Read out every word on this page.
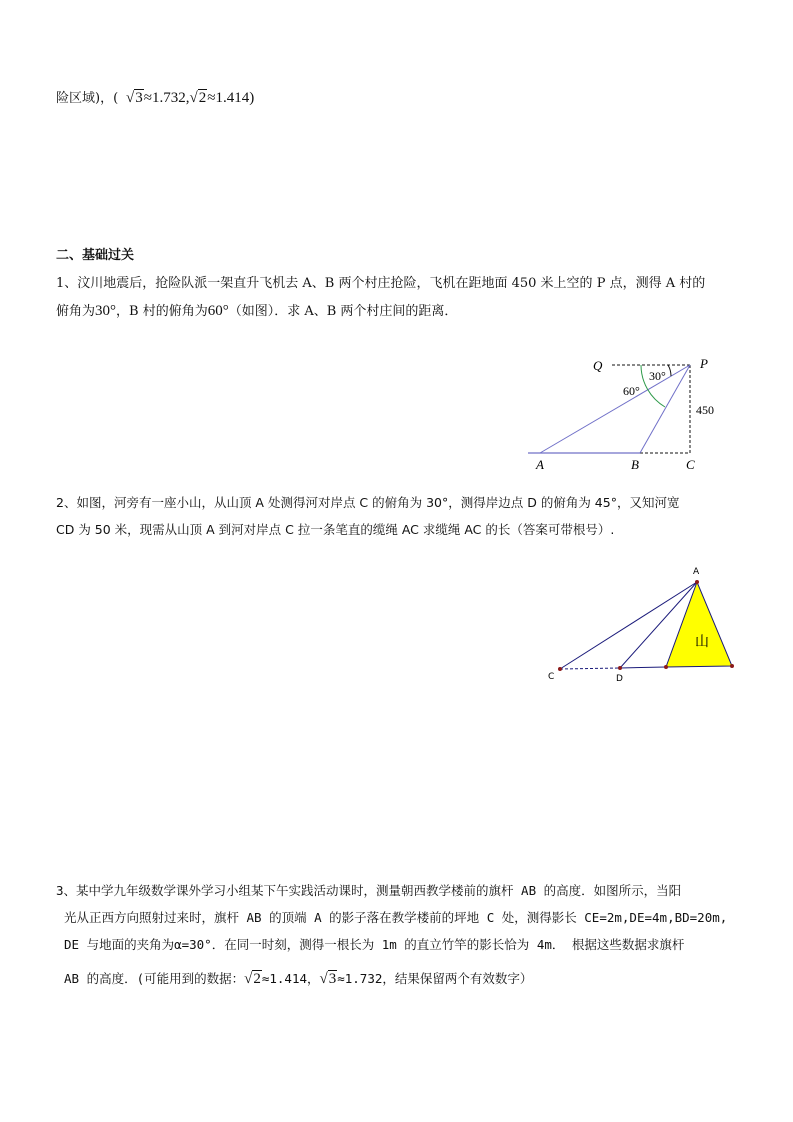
险区域)，(  √3≈1.732,√2≈1.414)
二、基础过关
1、汶川地震后，抢险队派一架直升飞机去 A、B 两个村庄抢险，飞机在距地面 450 米上空的 P 点，测得 A 村的
俯角为30°，B 村的俯角为60°（如图）．求 A、B 两个村庄间的距离．
Q	P
30°
60°
450
A	B	C
2、如图，河旁有一座小山，从山顶 A 处测得河对岸点 C 的俯角为 30°，测得岸边点 D 的俯角为 45°，又知河宽
CD 为 50 米，现需从山顶 A 到河对岸点 C 拉一条笔直的缆绳 AC 求缆绳 AC 的长（答案可带根号）.
山
A
C	D
3、某中学九年级数学课外学习小组某下午实践活动课时，测量朝西教学楼前的旗杆 AB 的高度．如图所示，当阳
光从正西方向照射过来时，旗杆 AB 的顶端 A 的影子落在教学楼前的坪地 C 处，测得影长 CE=2m,DE=4m,BD=20m,
DE 与地面的夹角为α=30°．在同一时刻，测得一根长为 1m 的直立竹竿的影长恰为 4m． 根据这些数据求旗杆
AB 的高度．(可能用到的数据：√2≈1.414，√3≈1.732，结果保留两个有效数字）
